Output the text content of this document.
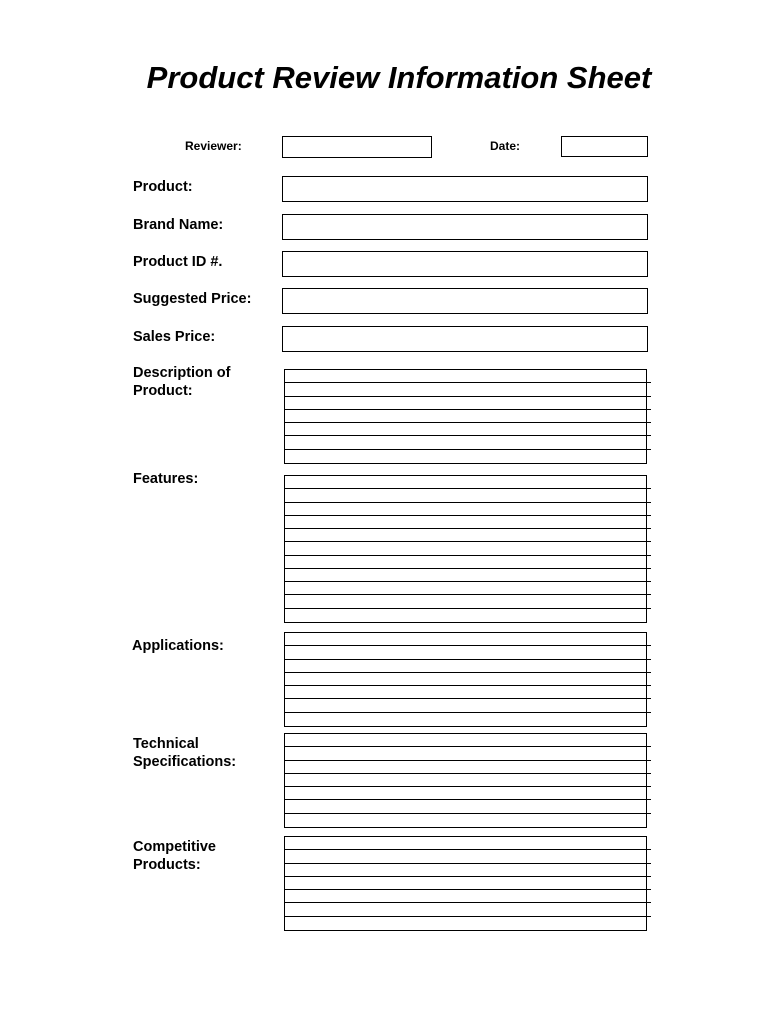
Product Review Information Sheet
Reviewer:	Date:
Product:
Brand Name:
Product ID #.
Suggested Price:
Sales Price:
Description of
Product:
Features:
Applications:
Technical
Specifications:
Competitive
Products:
